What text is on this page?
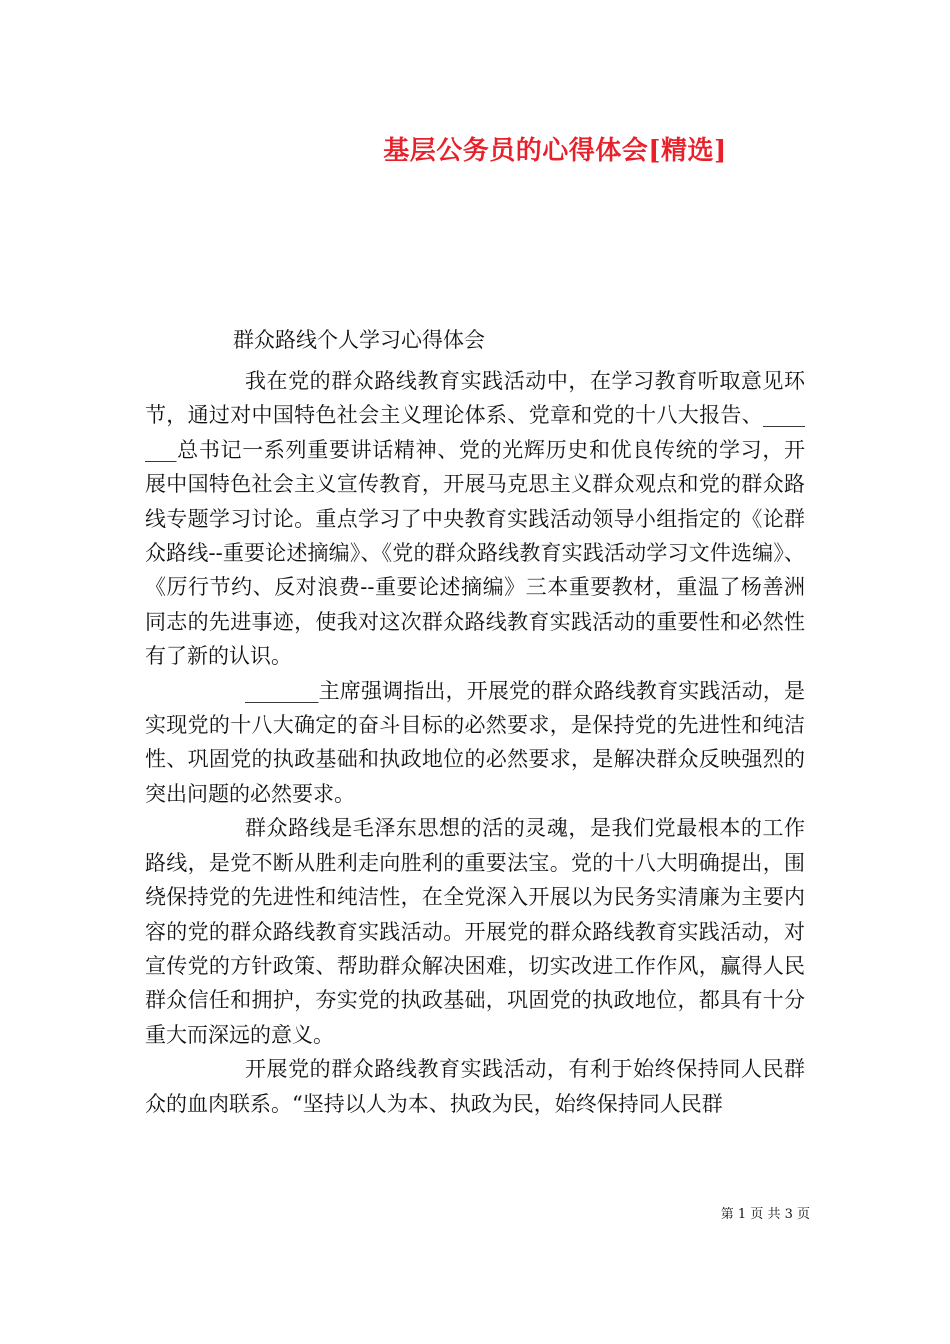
基层公务员的心得体会[精选]
群众路线个人学习心得体会

我在党的群众路线教育实践活动中，在学习教育听取意见环节，通过对中国特色社会主义理论体系、党章和党的十八大报告、_______总书记一系列重要讲话精神、党的光辉历史和优良传统的学习，开展中国特色社会主义宣传教育，开展马克思主义群众观点和党的群众路线专题学习讨论。重点学习了中央教育实践活动领导小组指定的《论群众路线--重要论述摘编》、《党的群众路线教育实践活动学习文件选编》、《厉行节约、反对浪费--重要论述摘编》三本重要教材，重温了杨善洲同志的先进事迹，使我对这次群众路线教育实践活动的重要性和必然性有了新的认识。

_______主席强调指出，开展党的群众路线教育实践活动，是实现党的十八大确定的奋斗目标的必然要求，是保持党的先进性和纯洁性、巩固党的执政基础和执政地位的必然要求，是解决群众反映强烈的突出问题的必然要求。

群众路线是毛泽东思想的活的灵魂，是我们党最根本的工作路线，是党不断从胜利走向胜利的重要法宝。党的十八大明确提出，围绕保持党的先进性和纯洁性，在全党深入开展以为民务实清廉为主要内容的党的群众路线教育实践活动。开展党的群众路线教育实践活动，对宣传党的方针政策、帮助群众解决困难，切实改进工作作风，赢得人民群众信任和拥护，夯实党的执政基础，巩固党的执政地位，都具有十分重大而深远的意义。

开展党的群众路线教育实践活动，有利于始终保持同人民群众的血肉联系。“坚持以人为本、执政为民，始终保持同人民群

第 1 页 共 3 页
